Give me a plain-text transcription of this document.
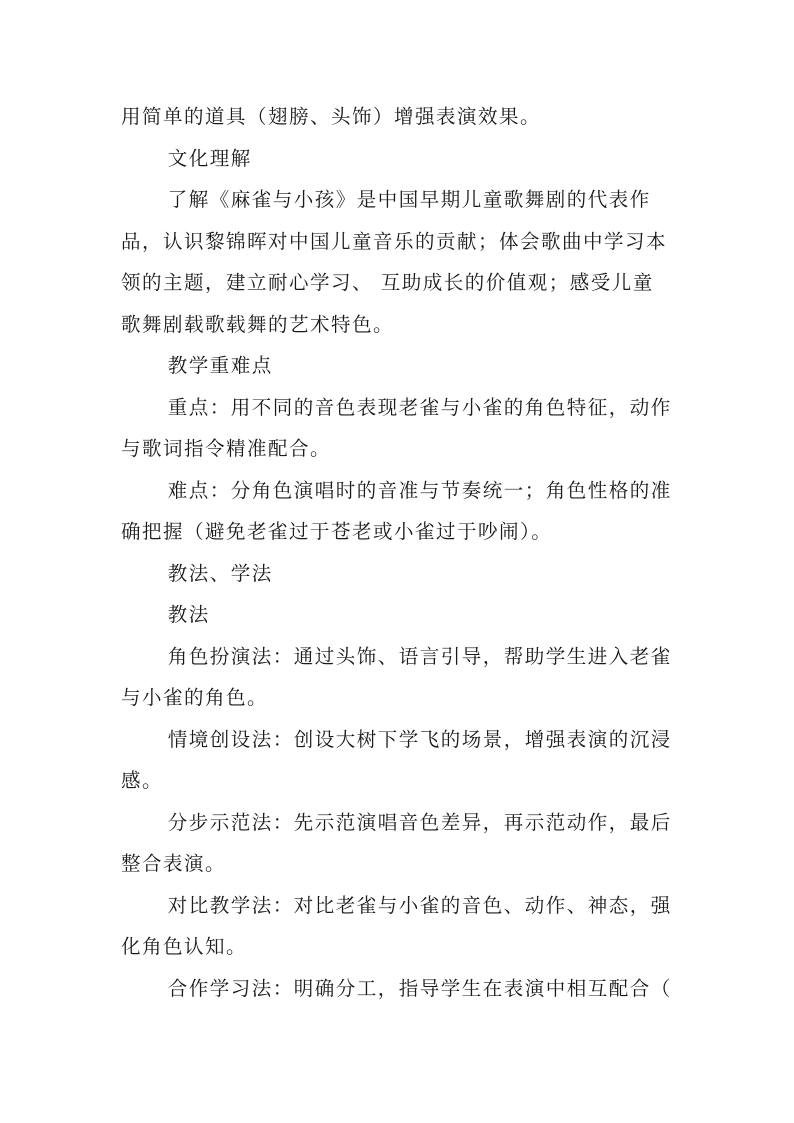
用简单的道具（翅膀、头饰）增强表演效果。

文化理解

了解《麻雀与小孩》是中国早期儿童歌舞剧的代表作品，认识黎锦晖对中国儿童音乐的贡献；体会歌曲中学习本领的主题，建立耐心学习、 互助成长的价值观；感受儿童歌舞剧载歌载舞的艺术特色。

教学重难点

重点：用不同的音色表现老雀与小雀的角色特征，动作与歌词指令精准配合。

难点：分角色演唱时的音准与节奏统一；角色性格的准确把握（避免老雀过于苍老或小雀过于吵闹）。

教法、学法

教法

角色扮演法：通过头饰、语言引导，帮助学生进入老雀与小雀的角色。

情境创设法：创设大树下学飞的场景，增强表演的沉浸感。

分步示范法：先示范演唱音色差异，再示范动作，最后整合表演。

对比教学法：对比老雀与小雀的音色、动作、神态，强化角色认知。

合作学习法：明确分工，指导学生在表演中相互配合（
